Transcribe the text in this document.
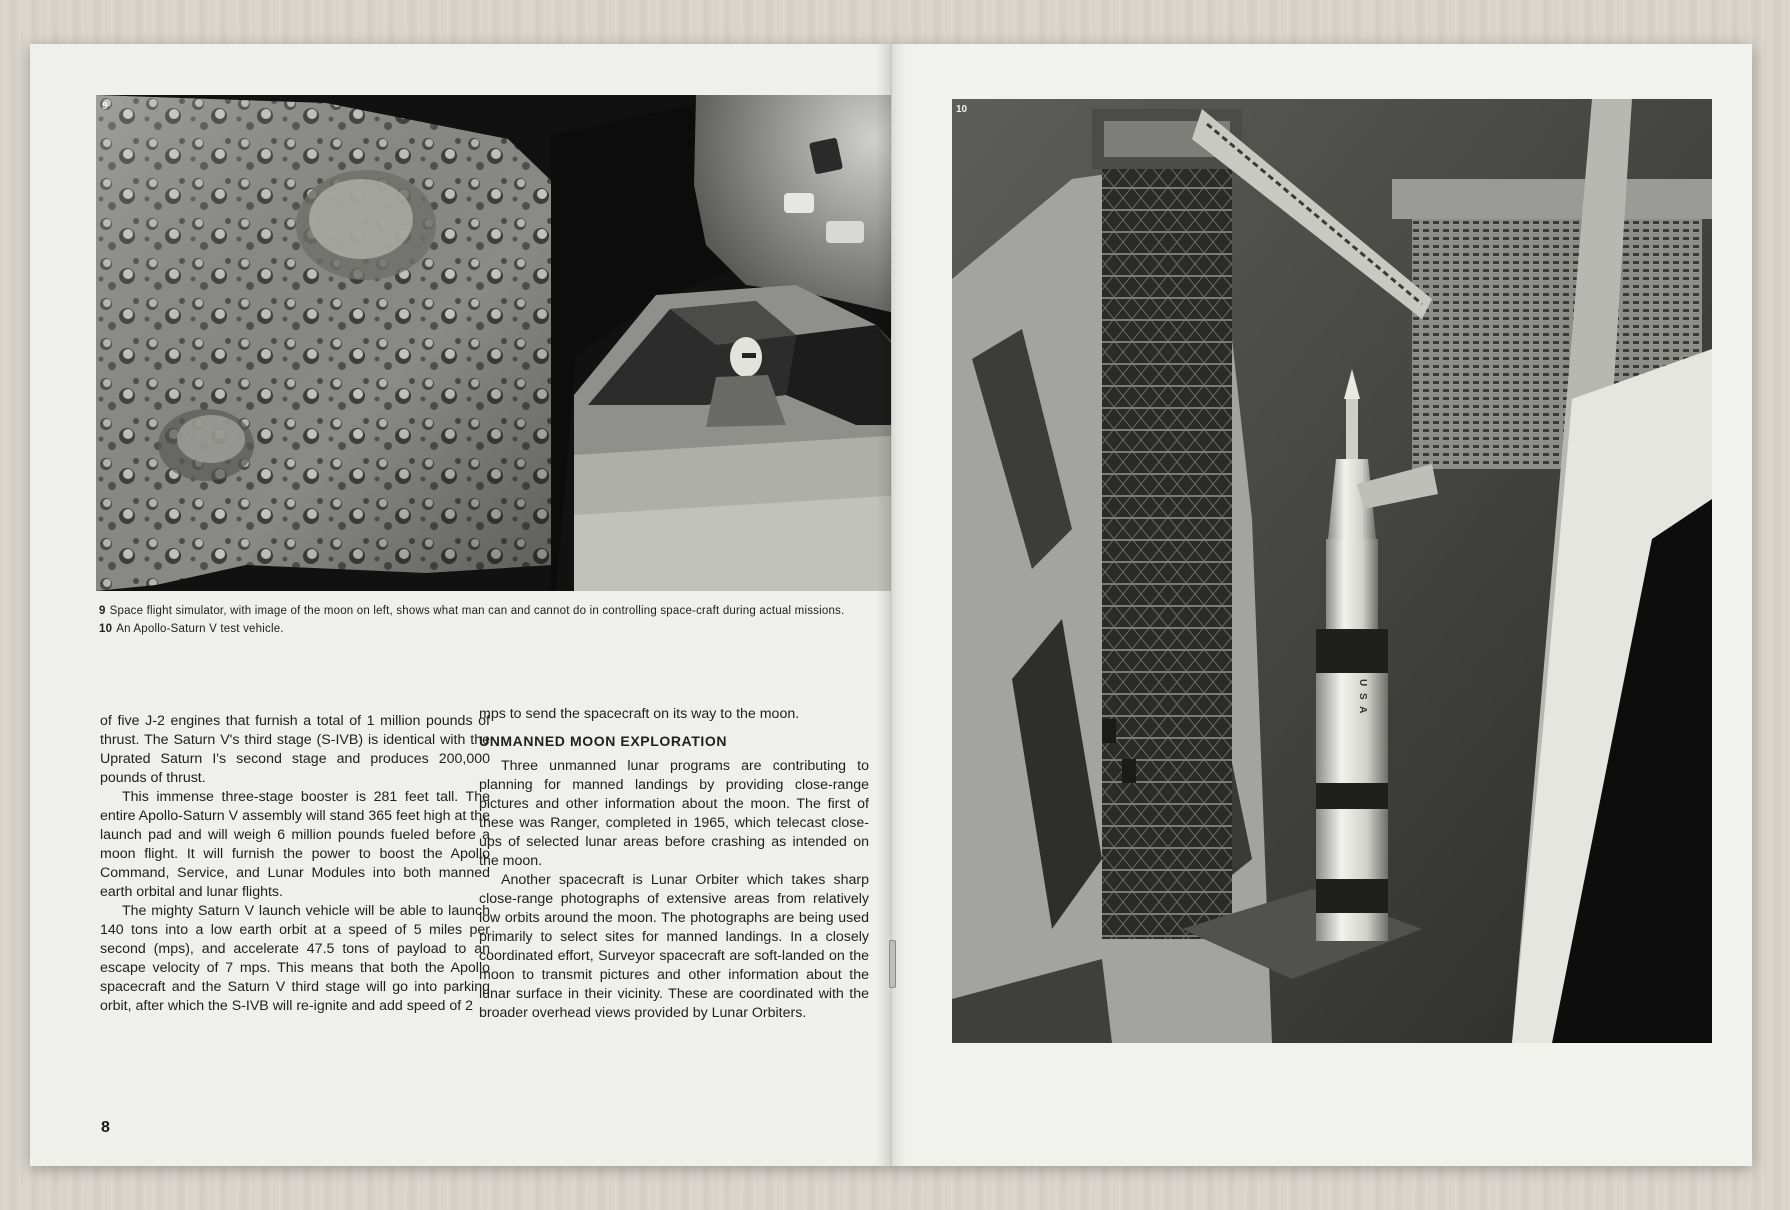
9
9 Space flight simulator, with image of the moon on left, shows what man can and cannot do in controlling space-craft during actual missions.
10 An Apollo-Saturn V test vehicle.

of five J-2 engines that furnish a total of 1 million pounds of thrust. The Saturn V's third stage (S-IVB) is identical with the Uprated Saturn I's second stage and produces 200,000 pounds of thrust.

This immense three-stage booster is 281 feet tall. The entire Apollo-Saturn V assembly will stand 365 feet high at the launch pad and will weigh 6 million pounds fueled before a moon flight. It will furnish the power to boost the Apollo Command, Service, and Lunar Modules into both manned earth orbital and lunar flights.

The mighty Saturn V launch vehicle will be able to launch 140 tons into a low earth orbit at a speed of 5 miles per second (mps), and accelerate 47.5 tons of payload to an escape velocity of 7 mps. This means that both the Apollo spacecraft and the Saturn V third stage will go into parking orbit, after which the S-IVB will re-ignite and add speed of 2

mps to send the spacecraft on its way to the moon.

UNMANNED MOON EXPLORATION

Three unmanned lunar programs are contributing to planning for manned landings by providing close-range pictures and other information about the moon. The first of these was Ranger, completed in 1965, which telecast close-ups of selected lunar areas before crashing as intended on the moon.

Another spacecraft is Lunar Orbiter which takes sharp close-range photographs of extensive areas from relatively low orbits around the moon. The photographs are being used primarily to select sites for manned landings. In a closely coordinated effort, Surveyor spacecraft are soft-landed on the moon to transmit pictures and other information about the lunar surface in their vicinity. These are coordinated with the broader overhead views provided by Lunar Orbiters.

8
10
U S A
